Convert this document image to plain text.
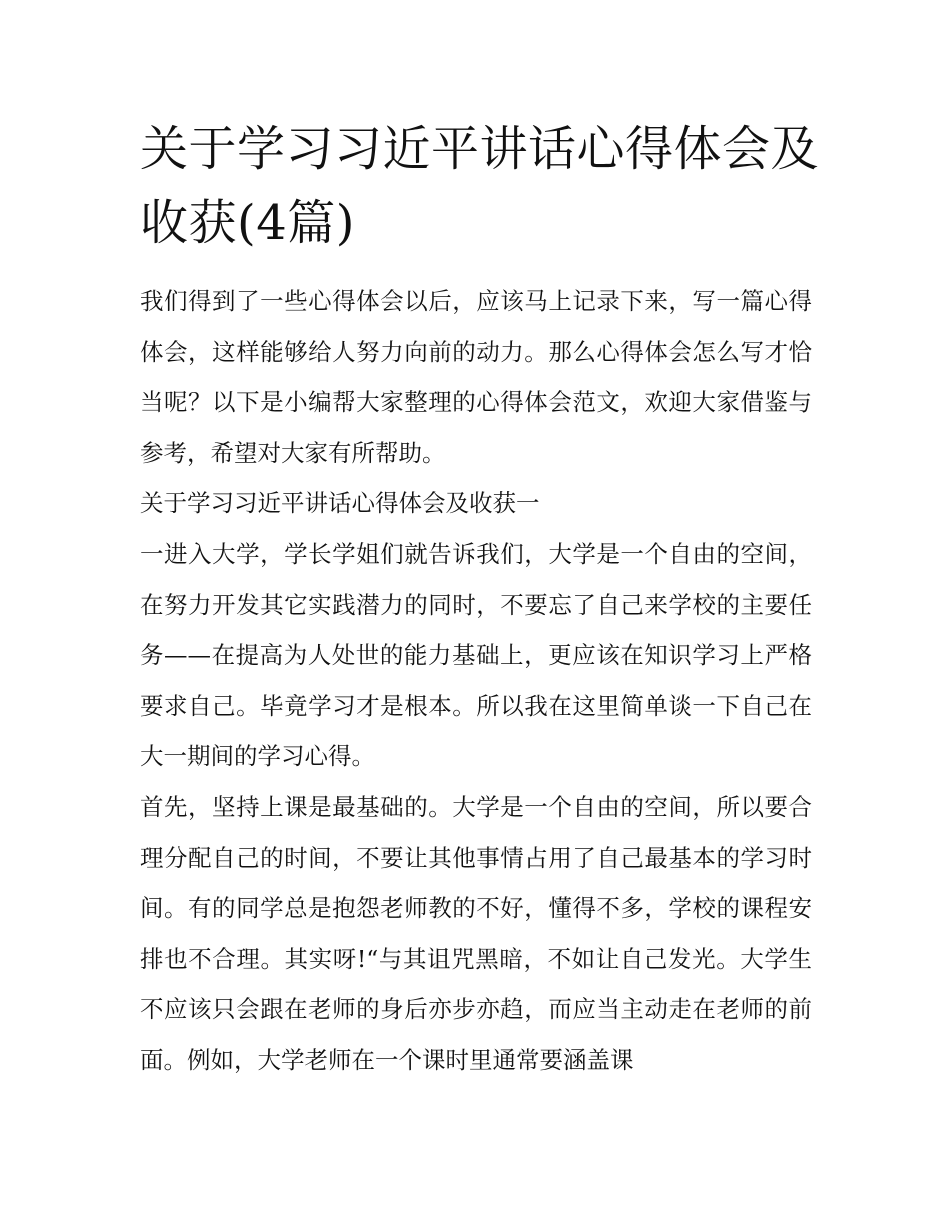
关于学习习近平讲话心得体会及收获(4篇)

我们得到了一些心得体会以后，应该马上记录下来，写一篇心得体会，这样能够给人努力向前的动力。那么心得体会怎么写才恰当呢？以下是小编帮大家整理的心得体会范文，欢迎大家借鉴与参考，希望对大家有所帮助。

关于学习习近平讲话心得体会及收获一

一进入大学，学长学姐们就告诉我们，大学是一个自由的空间，在努力开发其它实践潜力的同时，不要忘了自己来学校的主要任务——在提高为人处世的能力基础上，更应该在知识学习上严格要求自己。毕竟学习才是根本。所以我在这里简单谈一下自己在大一期间的学习心得。

首先，坚持上课是最基础的。大学是一个自由的空间，所以要合理分配自己的时间，不要让其他事情占用了自己最基本的学习时间。有的同学总是抱怨老师教的不好，懂得不多，学校的课程安排也不合理。其实呀!“与其诅咒黑暗，不如让自己发光。大学生不应该只会跟在老师的身后亦步亦趋，而应当主动走在老师的前面。例如，大学老师在一个课时里通常要涵盖课
